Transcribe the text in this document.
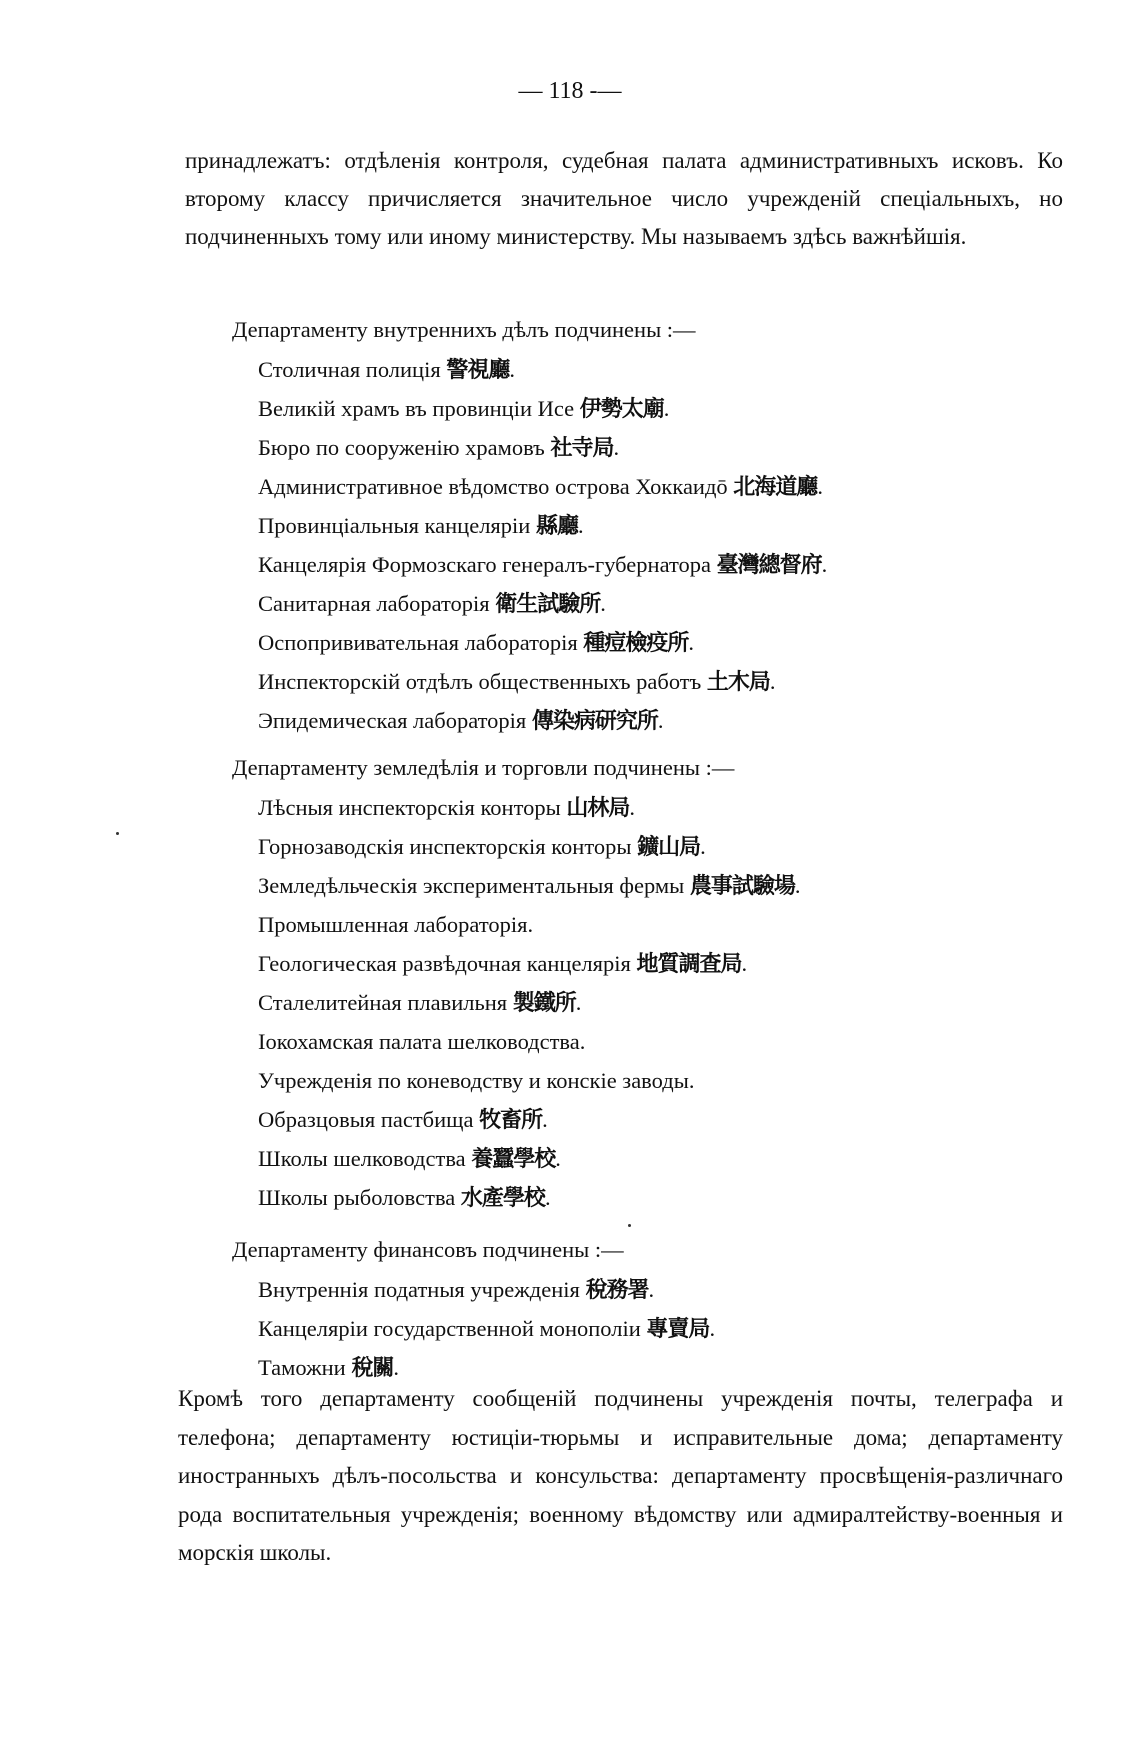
— 118 -—
принадлежатъ: отдѣленія контроля, судебная палата административныхъ исковъ. Ко второму классу причисляется значительное число учрежденій спеціальныхъ, но подчиненныхъ тому или иному министерству. Мы называемъ здѣсь важнѣйшія.
Департаменту внутреннихъ дѣлъ подчинены :—
Столичная полиція 警視廳.
Великій храмъ въ провинціи Исе 伊勢太廟.
Бюро по сооруженію храмовъ 社寺局.
Административное вѣдомство острова Хоккаидō 北海道廳.
Провинціальныя канцеляріи 縣廳.
Канцелярія Формозскаго генералъ-губернатора 臺灣總督府.
Санитарная лабораторія 衛生試驗所.
Оспопрививательная лабораторія 種痘檢疫所.
Инспекторскій отдѣлъ общественныхъ работъ 土木局.
Эпидемическая лабораторія 傳染病研究所.
Департаменту земледѣлія и торговли подчинены :—
Лѣсныя инспекторскія конторы 山林局.
Горнозаводскія инспекторскія конторы 鑛山局.
Земледѣльческія экспериментальныя фермы 農事試驗場.
Промышленная лабораторія.
Геологическая развѣдочная канцелярія 地質調査局.
Сталелитейная плавильня 製鐵所.
Іокохамская палата шелководства.
Учрежденія по коневодству и конскіе заводы.
Образцовыя пастбища 牧畜所.
Школы шелководства 養蠶學校.
Школы рыболовства 水產學校.
Департаменту финансовъ подчинены :—
Внутреннія податныя учрежденія 稅務署.
Канцеляріи государственной монополіи 專賣局.
Таможни 稅關.
Кромѣ того департаменту сообщеній подчинены учрежденія почты, телеграфа и телефона; департаменту юстиціи-тюрьмы и исправительные дома; департаменту иностранныхъ дѣлъ-посольства и консульства: департаменту просвѣщенія-различнаго рода воспитательныя учрежденія; военному вѣдомству или адмиралтейству-военныя и морскія школы.
